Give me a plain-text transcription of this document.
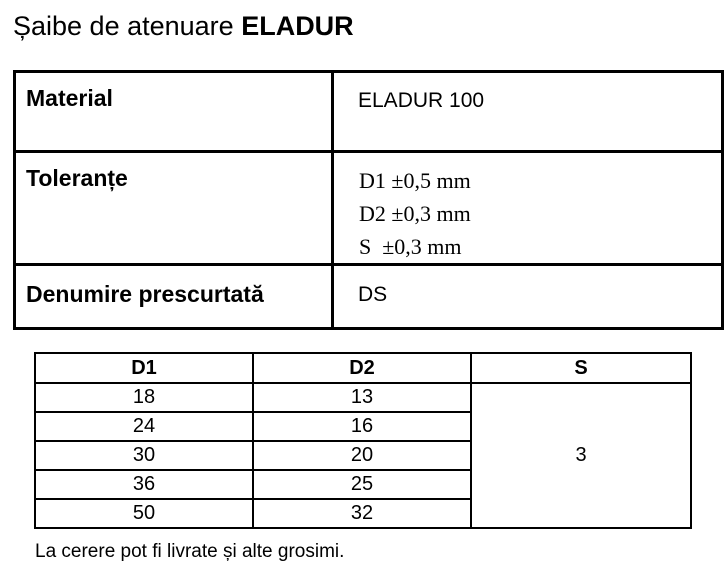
Șaibe de atenuare ELADUR
Material	ELADUR 100

Toleranțe	D1 ±0,5 mm
D2 ±0,3 mm
S  ±0,3 mm

Denumire prescurtată	DS
D1	D2	S
18	13	3
24	16	
30	20	
36	25	
50	32	
La cerere pot fi livrate și alte grosimi.
